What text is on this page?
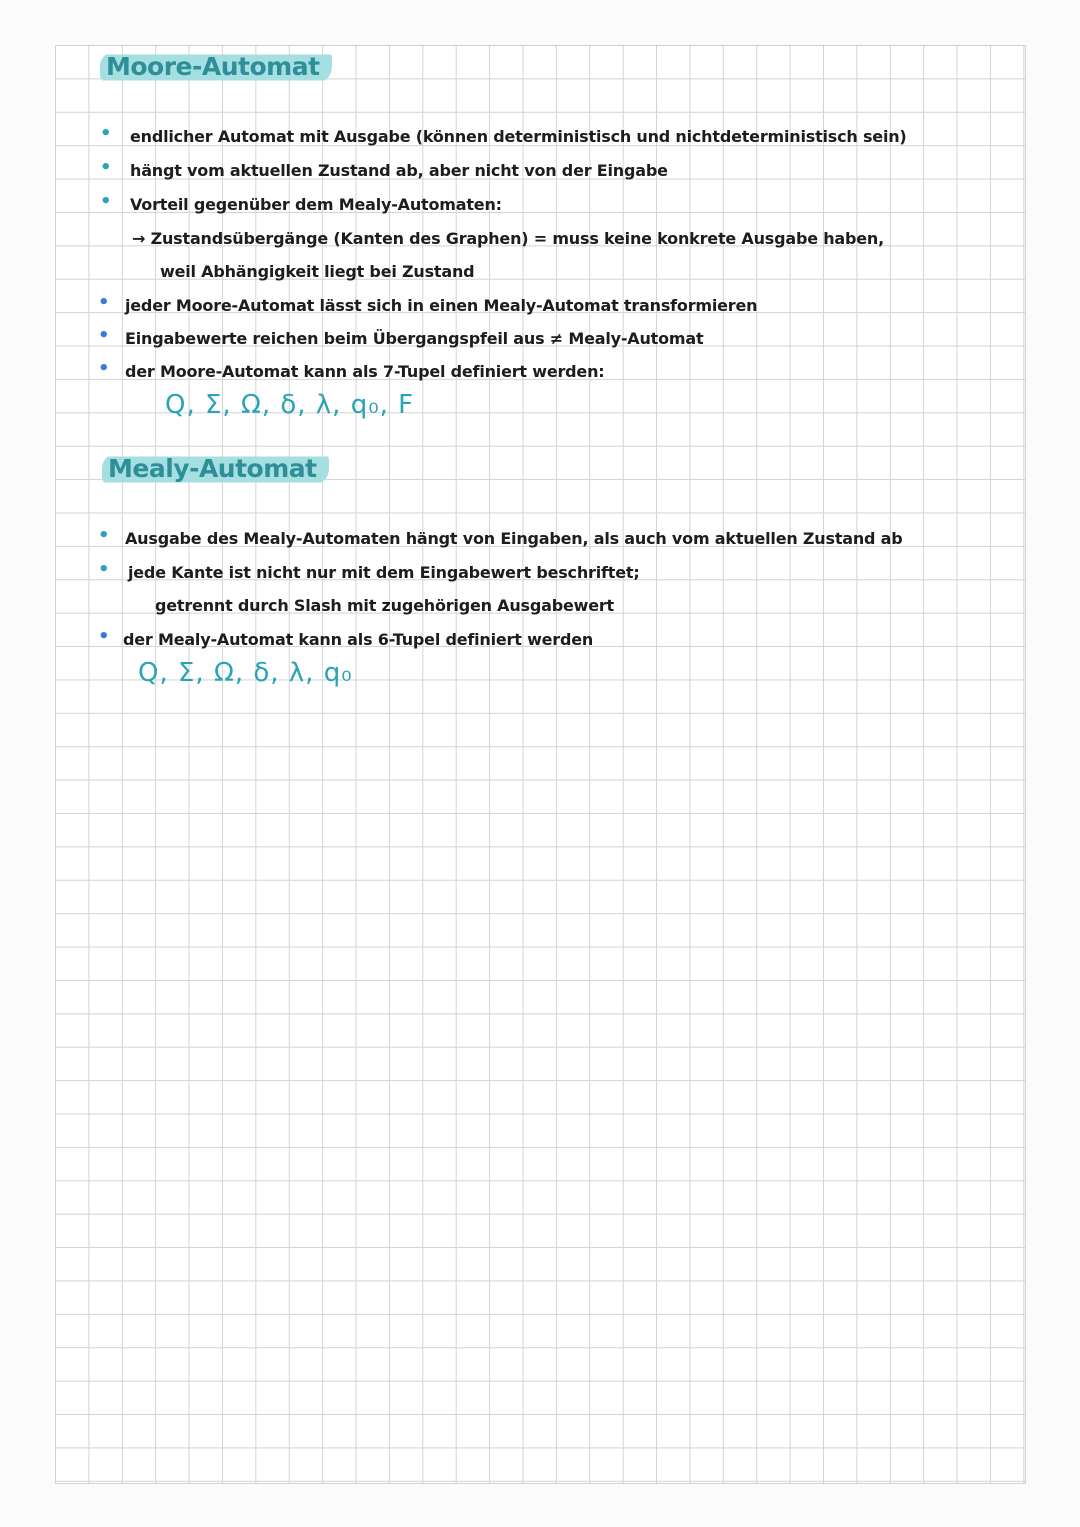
Moore-Automat
• endlicher Automat mit Ausgabe (können deterministisch und nichtdeterministisch sein)
• hängt vom aktuellen Zustand ab, aber nicht von der Eingabe
• Vorteil gegenüber dem Mealy-Automaten:
→ Zustandsübergänge (Kanten des Graphen) = muss keine konkrete Ausgabe haben,
weil Abhängigkeit liegt bei Zustand
• jeder Moore-Automat lässt sich in einen Mealy-Automat transformieren
• Eingabewerte reichen beim Übergangspfeil aus ≠ Mealy-Automat
• der Moore-Automat kann als 7-Tupel definiert werden:
Q, Σ, Ω, δ, λ, q₀, F
Mealy-Automat
• Ausgabe des Mealy-Automaten hängt von Eingaben, als auch vom aktuellen Zustand ab
• jede Kante ist nicht nur mit dem Eingabewert beschriftet;
getrennt durch Slash mit zugehörigen Ausgabewert
• der Mealy-Automat kann als 6-Tupel definiert werden
Q, Σ, Ω, δ, λ, q₀
